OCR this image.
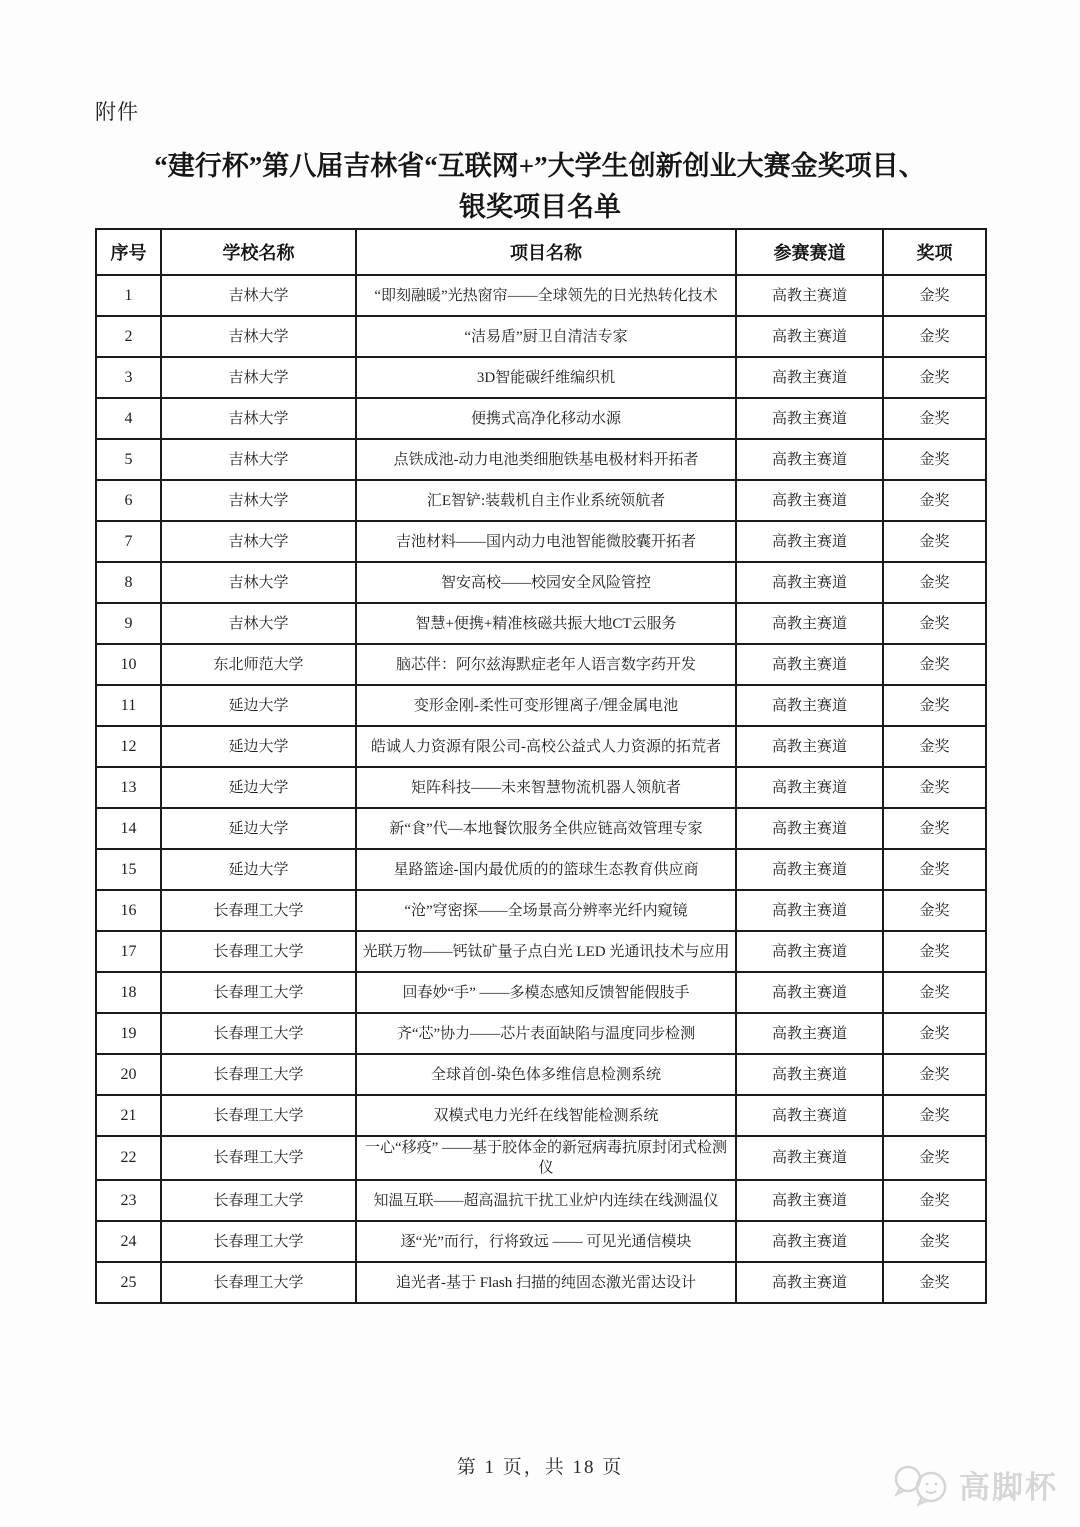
附件
“建行杯”第八届吉林省“互联网+”大学生创新创业大赛金奖项目、
银奖项目名单
序号	学校名称	项目名称	参赛赛道	奖项
1	吉林大学	“即刻融暖”光热窗帘——全球领先的日光热转化技术	高教主赛道	金奖
2	吉林大学	“洁易盾”厨卫自清洁专家	高教主赛道	金奖
3	吉林大学	3D智能碳纤维编织机	高教主赛道	金奖
4	吉林大学	便携式高净化移动水源	高教主赛道	金奖
5	吉林大学	点铁成池-动力电池类细胞铁基电极材料开拓者	高教主赛道	金奖
6	吉林大学	汇E智铲:装载机自主作业系统领航者	高教主赛道	金奖
7	吉林大学	吉池材料——国内动力电池智能微胶囊开拓者	高教主赛道	金奖
8	吉林大学	智安高校——校园安全风险管控	高教主赛道	金奖
9	吉林大学	智慧+便携+精准核磁共振大地CT云服务	高教主赛道	金奖
10	东北师范大学	脑芯伴：阿尔兹海默症老年人语言数字药开发	高教主赛道	金奖
11	延边大学	变形金刚-柔性可变形锂离子/锂金属电池	高教主赛道	金奖
12	延边大学	皓诚人力资源有限公司-高校公益式人力资源的拓荒者	高教主赛道	金奖
13	延边大学	矩阵科技——未来智慧物流机器人领航者	高教主赛道	金奖
14	延边大学	新“食”代—本地餐饮服务全供应链高效管理专家	高教主赛道	金奖
15	延边大学	星路篮途-国内最优质的的篮球生态教育供应商	高教主赛道	金奖
16	长春理工大学	“沧”穹密探——全场景高分辨率光纤内窥镜	高教主赛道	金奖
17	长春理工大学	光联万物——钙钛矿量子点白光 LED 光通讯技术与应用	高教主赛道	金奖
18	长春理工大学	回春妙“手” ——多模态感知反馈智能假肢手	高教主赛道	金奖
19	长春理工大学	齐“芯”协力——芯片表面缺陷与温度同步检测	高教主赛道	金奖
20	长春理工大学	全球首创-染色体多维信息检测系统	高教主赛道	金奖
21	长春理工大学	双模式电力光纤在线智能检测系统	高教主赛道	金奖
22	长春理工大学	一心“移疫” ——基于胶体金的新冠病毒抗原封闭式检测仪	高教主赛道	金奖
23	长春理工大学	知温互联——超高温抗干扰工业炉内连续在线测温仪	高教主赛道	金奖
24	长春理工大学	逐“光”而行，行将致远 —— 可见光通信模块	高教主赛道	金奖
25	长春理工大学	追光者-基于 Flash 扫描的纯固态激光雷达设计	高教主赛道	金奖
第 1 页，共 18 页
高脚杯
